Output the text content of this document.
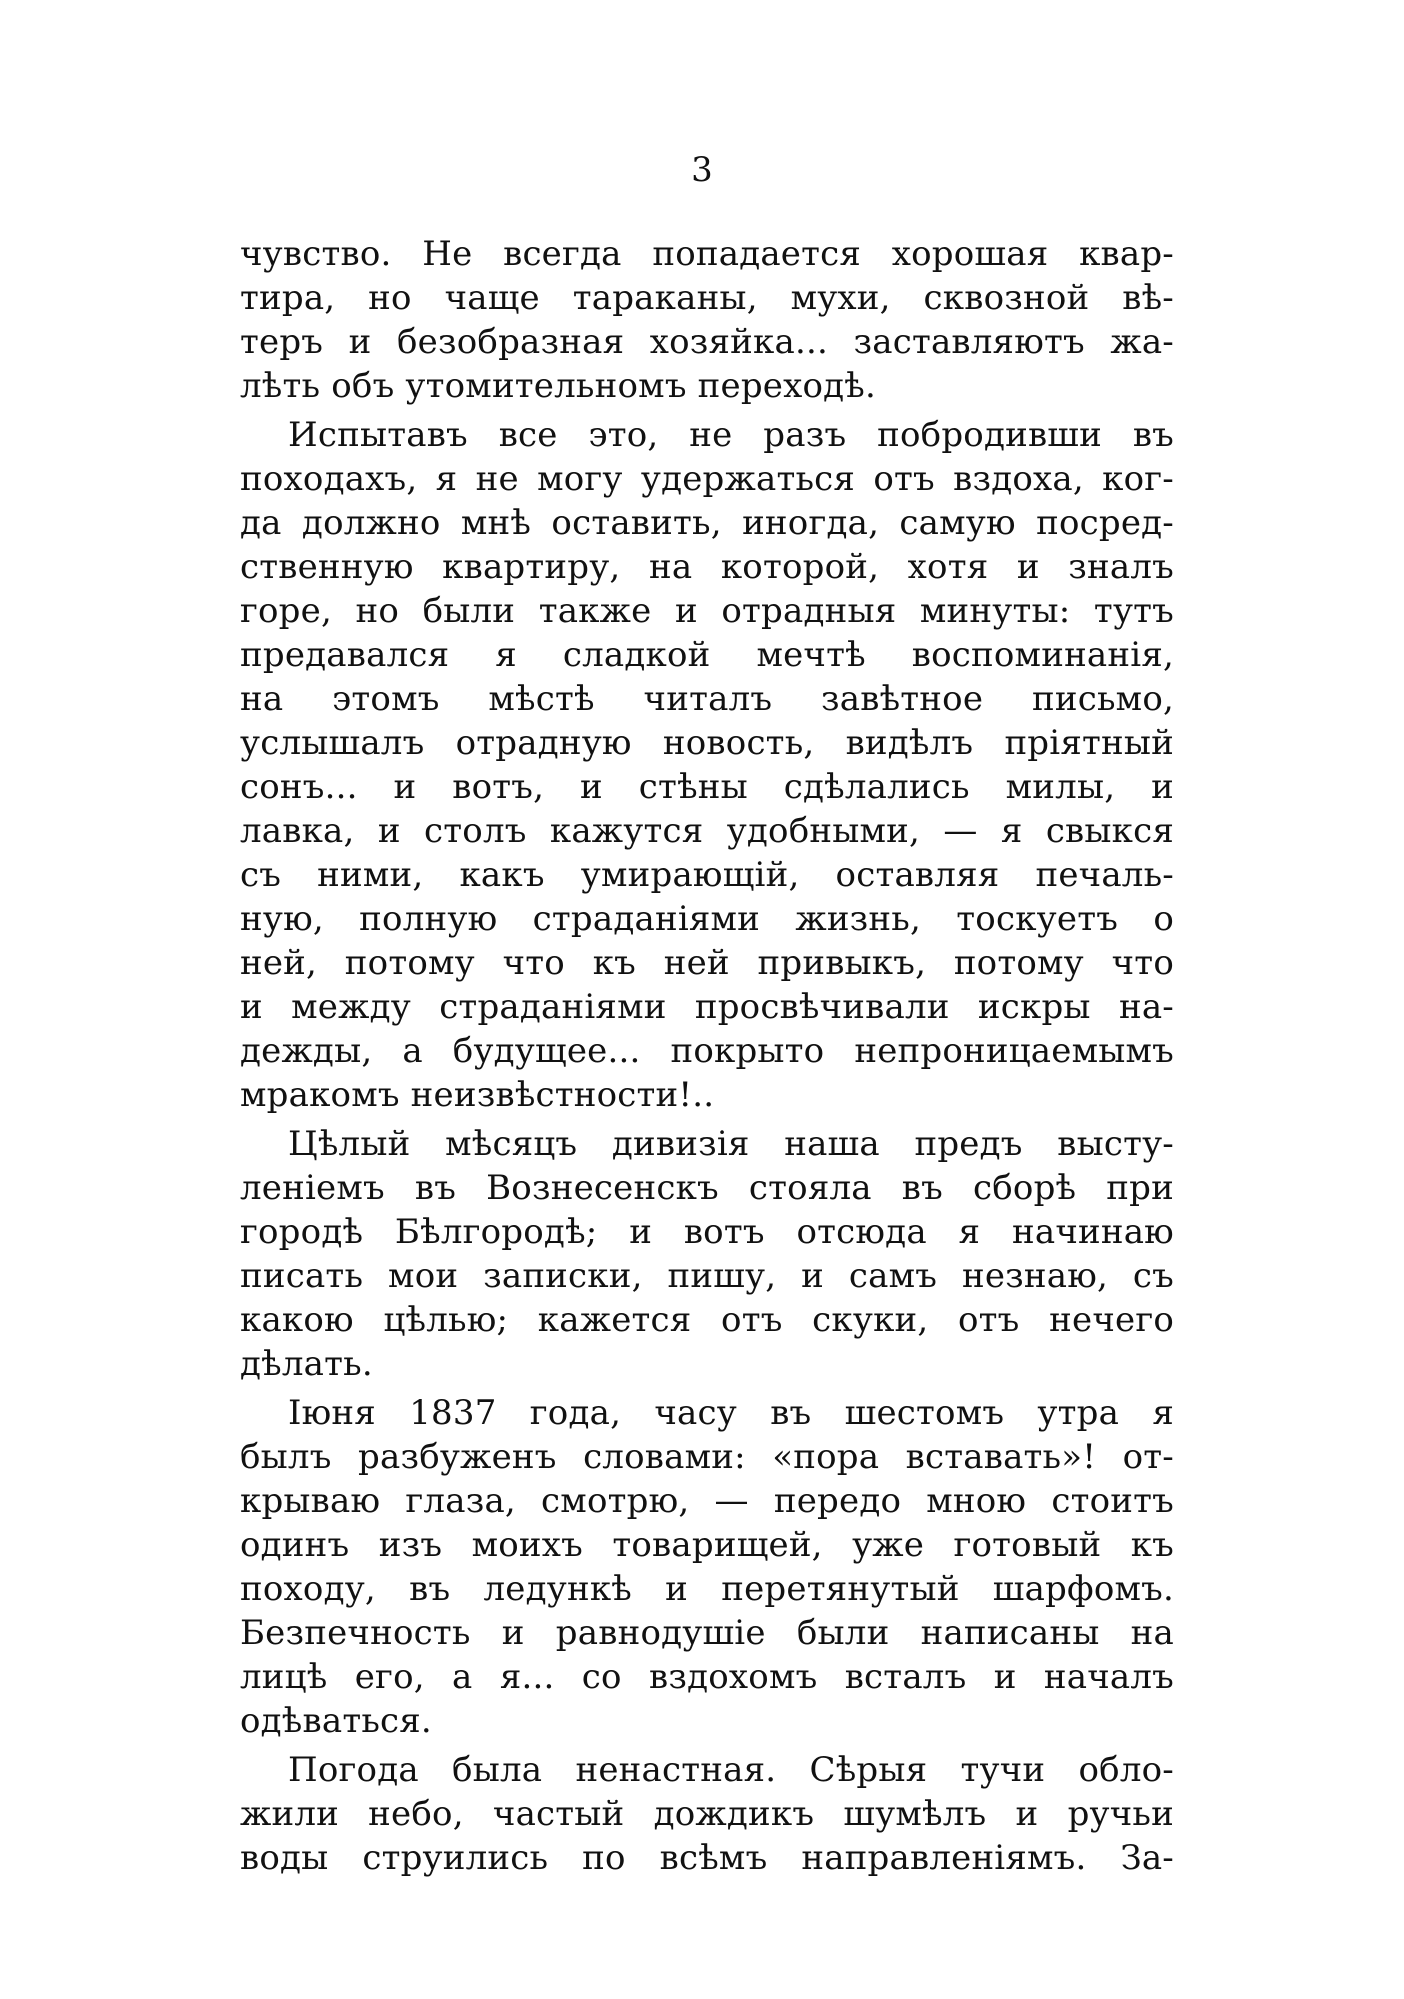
3
чувство. Не всегда попадается хорошая квар-
тира, но чаще тараканы, мухи, сквозной вѣ-
теръ и безобразная хозяйка... заставляютъ жа-
лѣть объ утомительномъ переходѣ.
Испытавъ все это, не разъ побродивши въ
походахъ, я не могу удержаться отъ вздоха, ког-
да должно мнѣ оставить, иногда, самую посред-
ственную квартиру, на которой, хотя и зналъ
горе, но были также и отрадныя минуты: тутъ
предавался я сладкой мечтѣ воспоминанія,
на этомъ мѣстѣ читалъ завѣтное письмо,
услышалъ отрадную новость, видѣлъ пріятный
сонъ... и вотъ, и стѣны сдѣлались милы, и
лавка, и столъ кажутся удобными, — я свыкся
съ ними, какъ умирающій, оставляя печаль-
ную, полную страданіями жизнь, тоскуетъ о
ней, потому что къ ней привыкъ, потому что
и между страданіями просвѣчивали искры на-
дежды, а будущее... покрыто непроницаемымъ
мракомъ неизвѣстности!..
Цѣлый мѣсяцъ дивизія наша предъ высту-
леніемъ въ Вознесенскъ стояла въ сборѣ при
городѣ Бѣлгородѣ; и вотъ отсюда я начинаю
писать мои записки, пишу, и самъ незнаю, съ
какою цѣлью; кажется отъ скуки, отъ нечего
дѣлать.
Іюня 1837 года, часу въ шестомъ утра я
былъ разбуженъ словами: «пора вставать»! от-
крываю глаза, смотрю, — передо мною стоитъ
одинъ изъ моихъ товарищей, уже готовый къ
походу, въ ледункѣ и перетянутый шарфомъ.
Безпечность и равнодушіе были написаны на
лицѣ его, а я... со вздохомъ всталъ и началъ
одѣваться.
Погода была ненастная. Сѣрыя тучи обло-
жили небо, частый дождикъ шумѣлъ и ручьи
воды струились по всѣмъ направленіямъ. За-
